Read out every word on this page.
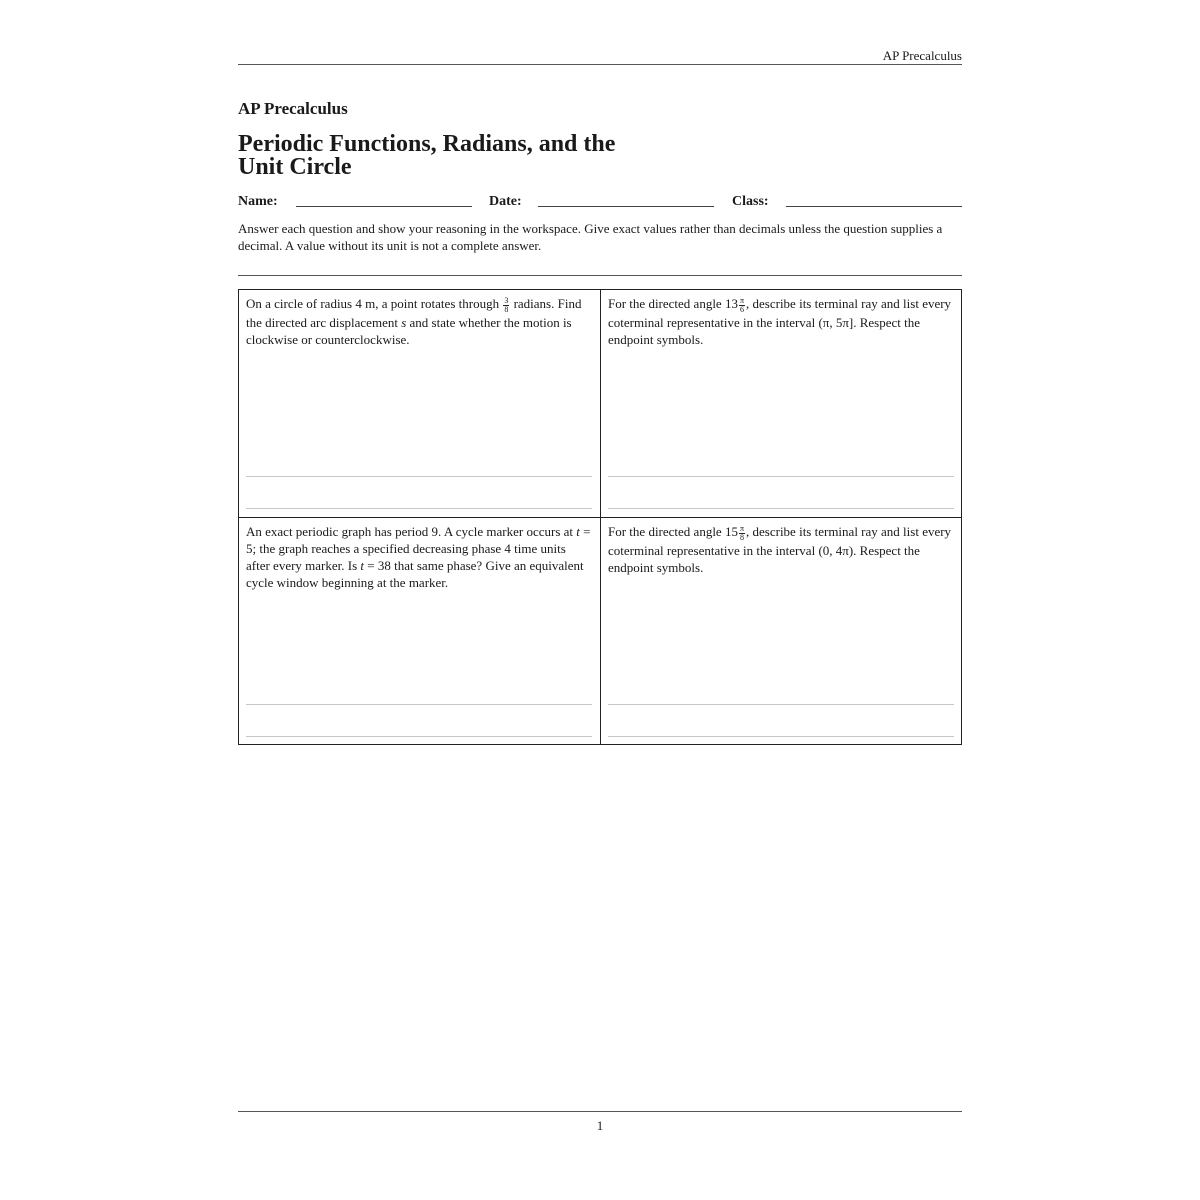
AP Precalculus
AP Precalculus
Periodic Functions, Radians, and the Unit Circle
Name:	Date:	Class:
Answer each question and show your reasoning in the workspace. Give exact values rather than decimals unless the question supplies a decimal. A value without its unit is not a complete answer.
On a circle of radius 4 m, a point rotates through $\frac{3}{8}$ radians. Find the directed arc displacement s and state whether the motion is clockwise or counterclockwise.
For the directed angle $13 \frac{\pi}{6}$ , describe its terminal ray and list every coterminal representative in the interval (π, 5π]. Respect the endpoint symbols.
An exact periodic graph has period 9. A cycle marker occurs at t = 5; the graph reaches a specified decreasing phase 4 time units after every marker. Is t = 38 that same phase? Give an equivalent cycle window beginning at the marker.
For the directed angle $15 \frac{\pi}{8}$ , describe its terminal ray and list every coterminal representative in the interval (0, 4π). Respect the endpoint symbols.
1
